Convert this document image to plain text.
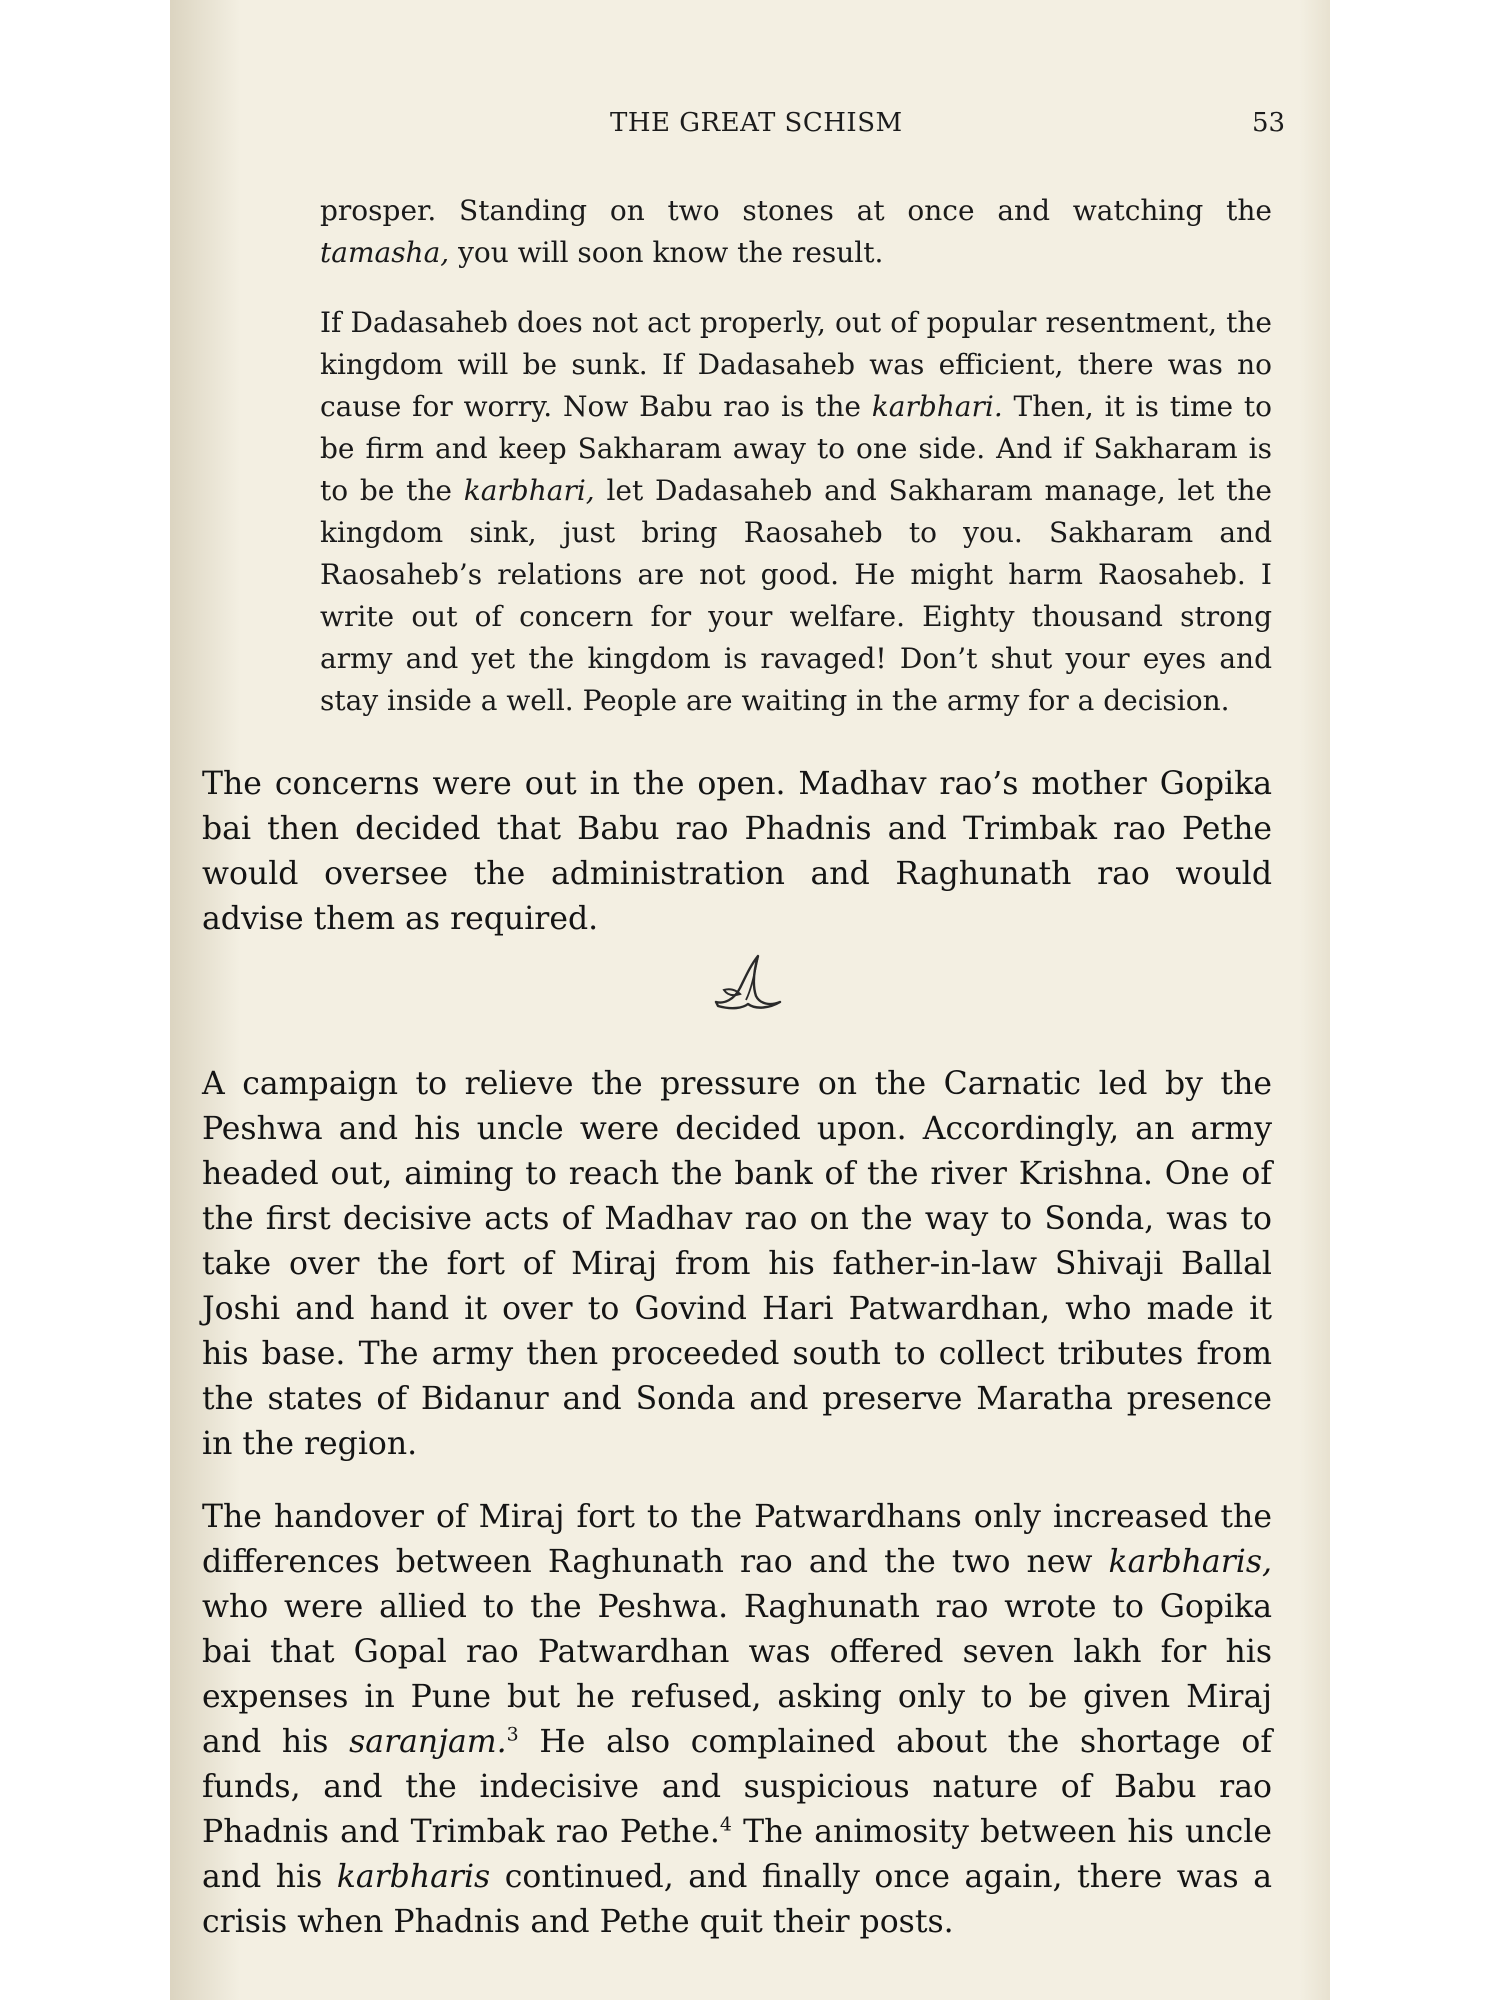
THE GREAT SCHISM	53

prosper. Standing on two stones at once and watching the tamasha, you will soon know the result.

If Dadasaheb does not act properly, out of popular resentment, the kingdom will be sunk. If Dadasaheb was efficient, there was no cause for worry. Now Babu rao is the karbhari. Then, it is time to be firm and keep Sakharam away to one side. And if Sakharam is to be the karbhari, let Dadasaheb and Sakharam manage, let the kingdom sink, just bring Raosaheb to you. Sakharam and Raosaheb’s relations are not good. He might harm Raosaheb. I write out of concern for your welfare. Eighty thousand strong army and yet the kingdom is ravaged! Don’t shut your eyes and stay inside a well. People are waiting in the army for a decision.

The concerns were out in the open. Madhav rao’s mother Gopika bai then decided that Babu rao Phadnis and Trimbak rao Pethe would oversee the administration and Raghunath rao would advise them as required.

A campaign to relieve the pressure on the Carnatic led by the Peshwa and his uncle were decided upon. Accordingly, an army headed out, aiming to reach the bank of the river Krishna. One of the first decisive acts of Madhav rao on the way to Sonda, was to take over the fort of Miraj from his father-in-law Shivaji Ballal Joshi and hand it over to Govind Hari Patwardhan, who made it his base. The army then proceeded south to collect tributes from the states of Bidanur and Sonda and preserve Maratha presence in the region.

The handover of Miraj fort to the Patwardhans only increased the differences between Raghunath rao and the two new karbharis, who were allied to the Peshwa. Raghunath rao wrote to Gopika bai that Gopal rao Patwardhan was offered seven lakh for his expenses in Pune but he refused, asking only to be given Miraj and his saranjam.$^3$ He also complained about the shortage of funds, and the indecisive and suspicious nature of Babu rao Phadnis and Trimbak rao Pethe.$^4$ The animosity between his uncle and his karbharis continued, and finally once again, there was a crisis when Phadnis and Pethe quit their posts.
